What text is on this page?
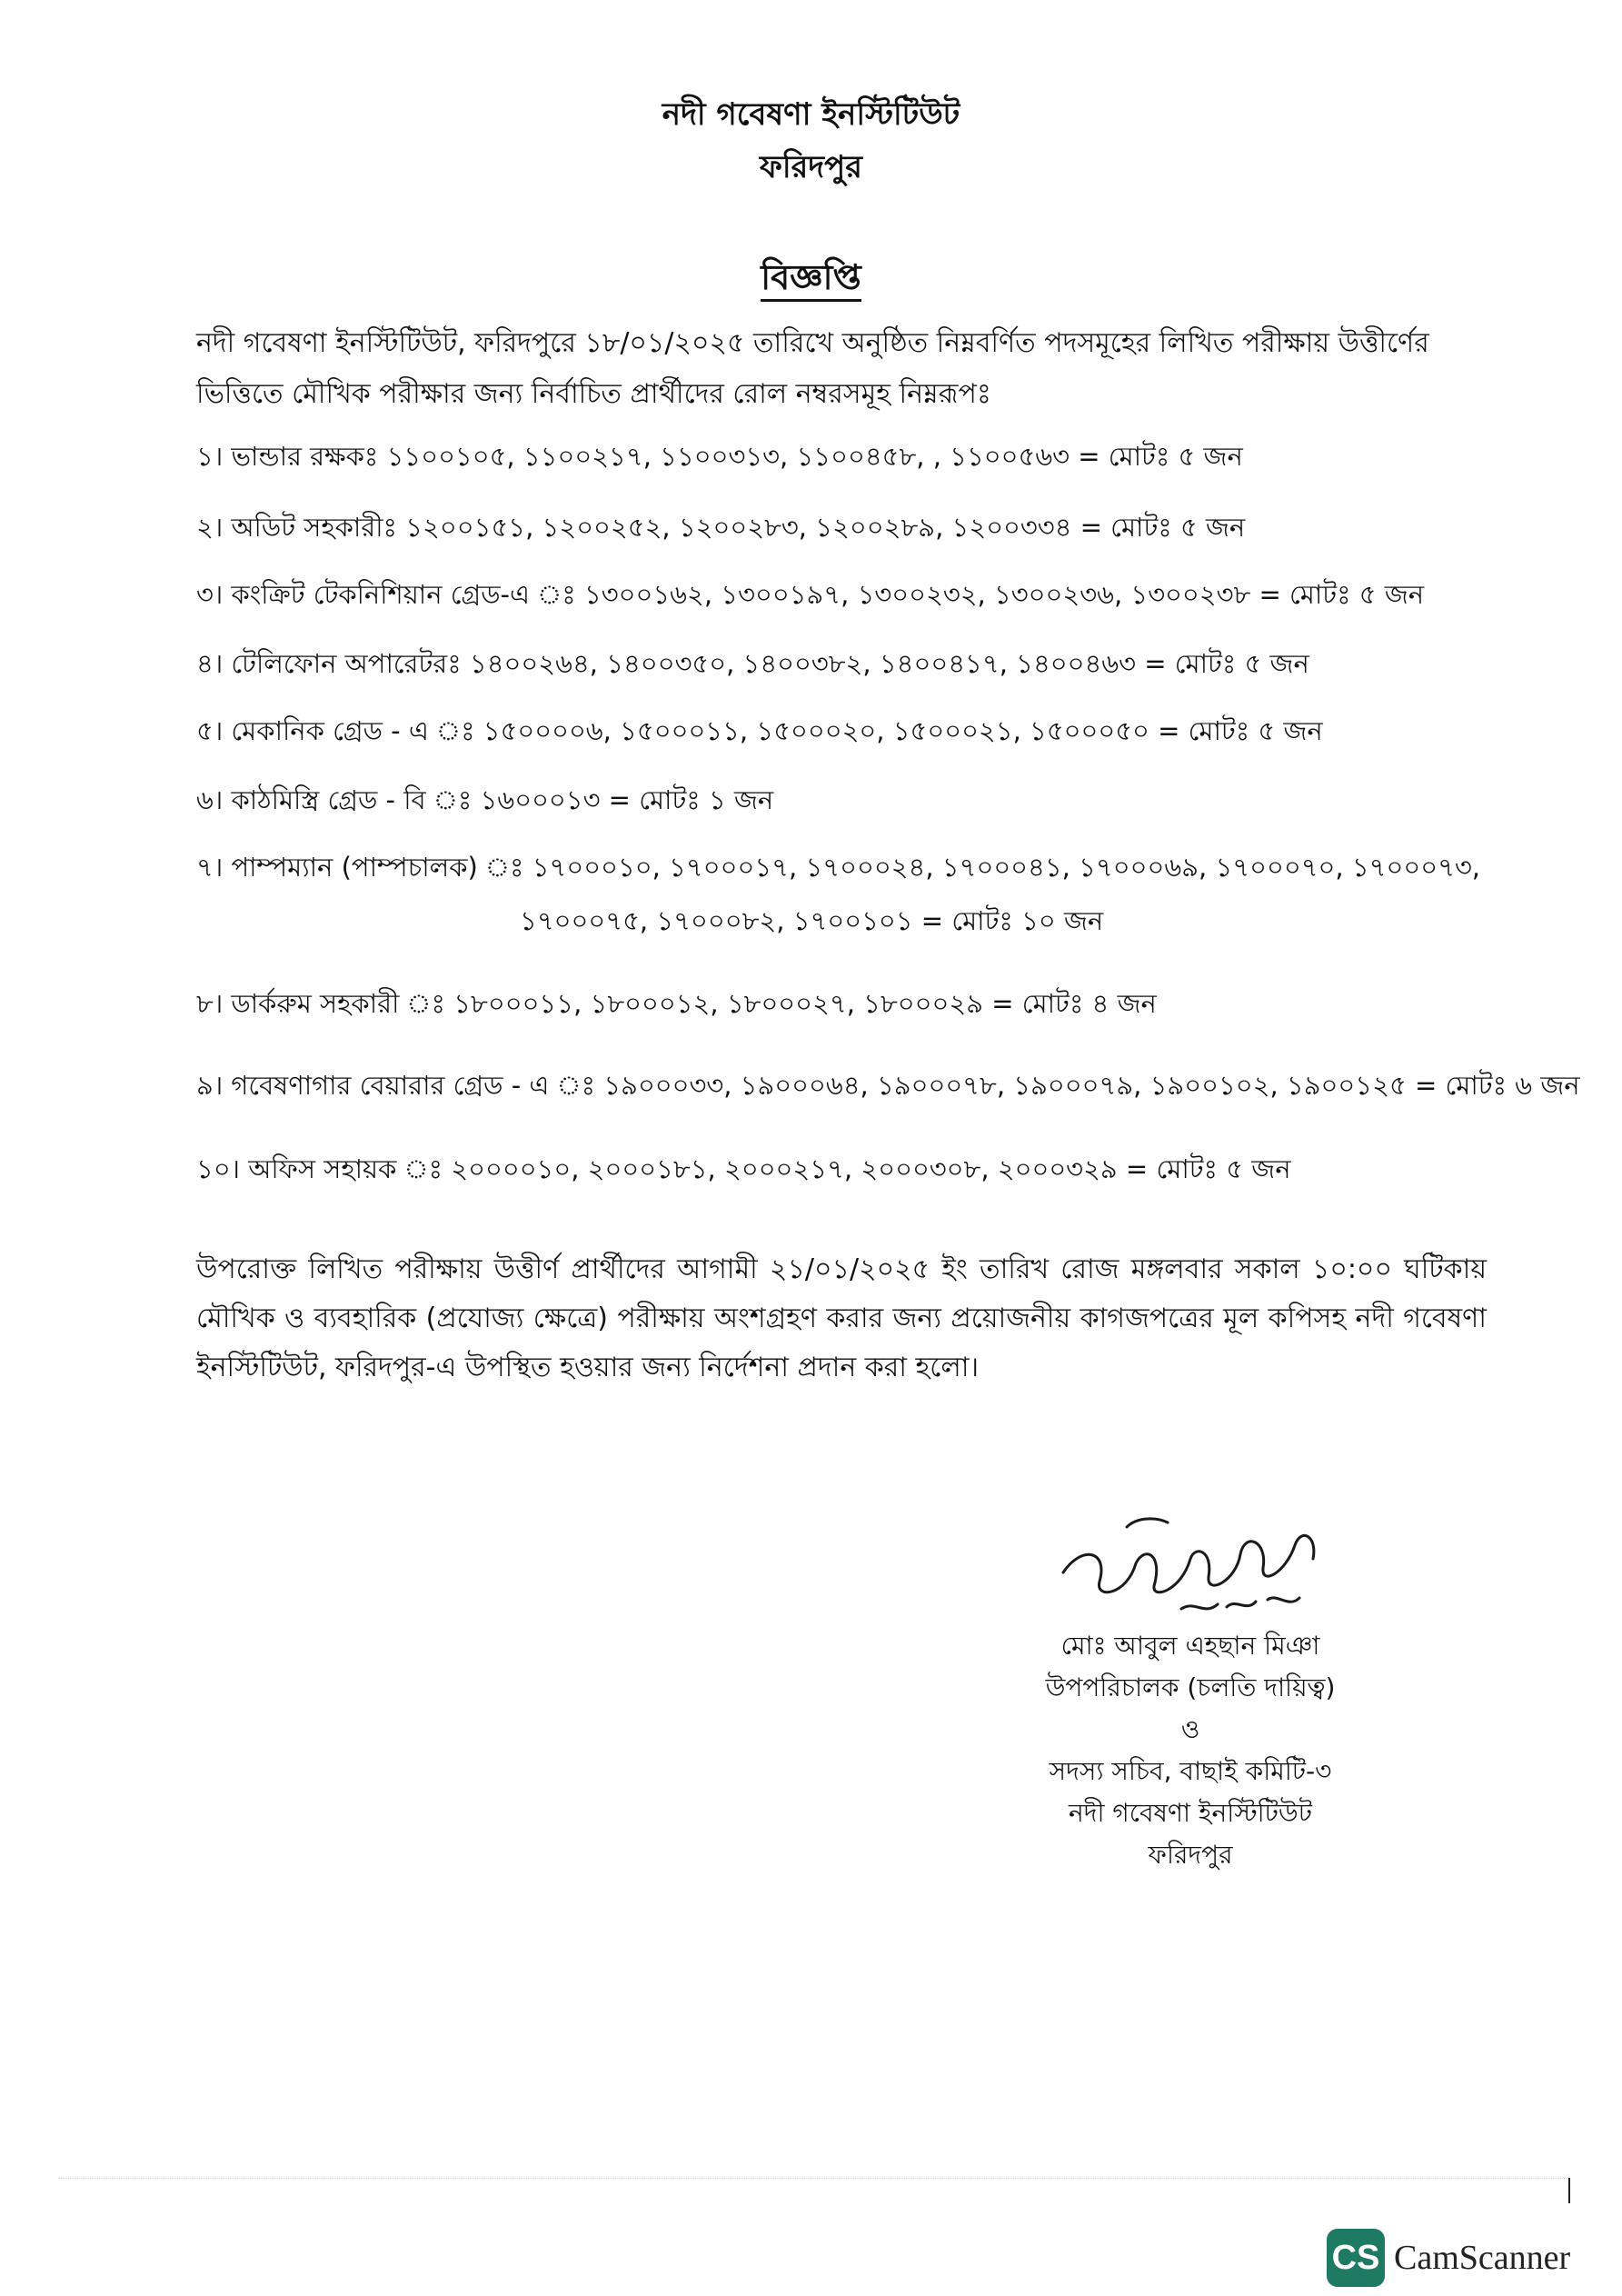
নদী গবেষণা ইনস্টিটিউট
ফরিদপুর
বিজ্ঞপ্তি
নদী গবেষণা ইনস্টিটিউট, ফরিদপুরে ১৮/০১/২০২৫ তারিখে অনুষ্ঠিত নিম্নবর্ণিত পদসমূহের লিখিত পরীক্ষায় উত্তীর্ণের ভিত্তিতে মৌখিক পরীক্ষার জন্য নির্বাচিত প্রার্থীদের রোল নম্বরসমূহ নিম্নরূপঃ
১। ভান্ডার রক্ষকঃ ১১০০১০৫, ১১০০২১৭, ১১০০৩১৩, ১১০০৪৫৮, , ১১০০৫৬৩ = মোটঃ ৫ জন
২। অডিট সহকারীঃ ১২০০১৫১, ১২০০২৫২, ১২০০২৮৩, ১২০০২৮৯, ১২০০৩৩৪ = মোটঃ ৫ জন
৩। কংক্রিট টেকনিশিয়ান গ্রেড-এ ঃ ১৩০০১৬২, ১৩০০১৯৭, ১৩০০২৩২, ১৩০০২৩৬, ১৩০০২৩৮ = মোটঃ ৫ জন
৪। টেলিফোন অপারেটরঃ ১৪০০২৬৪, ১৪০০৩৫০, ১৪০০৩৮২, ১৪০০৪১৭, ১৪০০৪৬৩ = মোটঃ ৫ জন
৫। মেকানিক গ্রেড - এ ঃ ১৫০০০০৬, ১৫০০০১১, ১৫০০০২০, ১৫০০০২১, ১৫০০০৫০ = মোটঃ ৫ জন
৬। কাঠমিস্ত্রি গ্রেড - বি ঃ ১৬০০০১৩ = মোটঃ ১ জন
৭। পাম্পম্যান (পাম্পচালক) ঃ ১৭০০০১০, ১৭০০০১৭, ১৭০০০২৪, ১৭০০০৪১, ১৭০০০৬৯, ১৭০০০৭০, ১৭০০০৭৩,
১৭০০০৭৫, ১৭০০০৮২, ১৭০০১০১ = মোটঃ ১০ জন
৮। ডার্করুম সহকারী ঃ ১৮০০০১১, ১৮০০০১২, ১৮০০০২৭, ১৮০০০২৯ = মোটঃ ৪ জন
৯। গবেষণাগার বেয়ারার গ্রেড - এ ঃ ১৯০০০৩৩, ১৯০০০৬৪, ১৯০০০৭৮, ১৯০০০৭৯, ১৯০০১০২, ১৯০০১২৫ = মোটঃ ৬ জন
১০। অফিস সহায়ক ঃ ২০০০০১০, ২০০০১৮১, ২০০০২১৭, ২০০০৩০৮, ২০০০৩২৯ = মোটঃ ৫ জন
উপরোক্ত লিখিত পরীক্ষায় উত্তীর্ণ প্রার্থীদের আগামী ২১/০১/২০২৫ ইং তারিখ রোজ মঙ্গলবার সকাল ১০:০০ ঘটিকায় মৌখিক ও ব্যবহারিক (প্রযোজ্য ক্ষেত্রে) পরীক্ষায় অংশগ্রহণ করার জন্য প্রয়োজনীয় কাগজপত্রের মূল কপিসহ নদী গবেষণা ইনস্টিটিউট, ফরিদপুর-এ উপস্থিত হওয়ার জন্য নির্দেশনা প্রদান করা হলো।
মোঃ আবুল এহছান মিঞা
উপপরিচালক (চলতি দায়িত্ব)
ও
সদস্য সচিব, বাছাই কমিটি-৩
নদী গবেষণা ইনস্টিটিউট
ফরিদপুর
CS CamScanner
